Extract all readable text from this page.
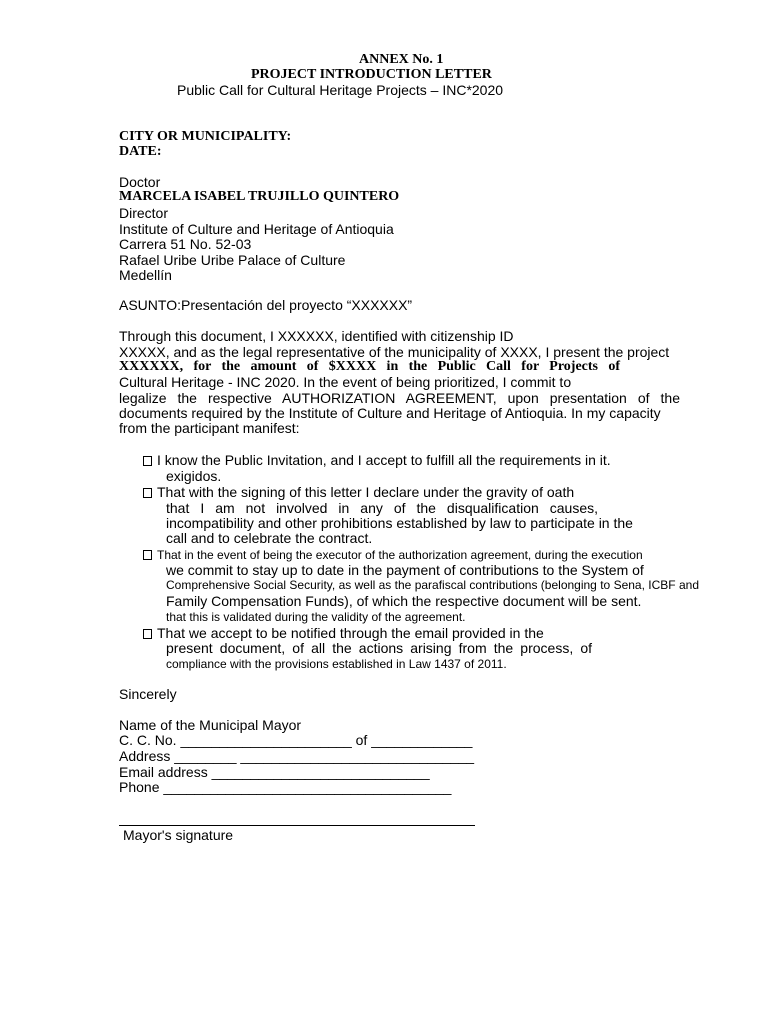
ANNEX No. 1
PROJECT INTRODUCTION LETTER
Public Call for Cultural Heritage Projects – INC*2020
CITY OR MUNICIPALITY:
DATE:
Doctor
MARCELA ISABEL TRUJILLO QUINTERO
Director
Institute of Culture and Heritage of Antioquia
Carrera 51 No. 52-03
Rafael Uribe Uribe Palace of Culture
Medellín
ASUNTO:Presentación del proyecto “XXXXXX”
Through this document, I XXXXXX, identified with citizenship ID
XXXXX, and as the legal representative of the municipality of XXXX, I present the project
XXXXXX, for the amount of $XXXX in the Public Call for Projects of
Cultural Heritage - INC 2020. In the event of being prioritized, I commit to
legalize the respective AUTHORIZATION AGREEMENT, upon presentation of the
documents required by the Institute of Culture and Heritage of Antioquia. In my capacity
from the participant manifest:
I know the Public Invitation, and I accept to fulfill all the requirements in it.
exigidos.
That with the signing of this letter I declare under the gravity of oath
that I am not involved in any of the disqualification causes,
incompatibility and other prohibitions established by law to participate in the
call and to celebrate the contract.
That in the event of being the executor of the authorization agreement, during the execution
we commit to stay up to date in the payment of contributions to the System of
Comprehensive Social Security, as well as the parafiscal contributions (belonging to Sena, ICBF and
Family Compensation Funds), of which the respective document will be sent.
that this is validated during the validity of the agreement.
That we accept to be notified through the email provided in the
present document, of all the actions arising from the process, of
compliance with the provisions established in Law 1437 of 2011.
Sincerely
Name of the Municipal Mayor
C. C. No. ______________________ of _____________
Address ________ ______________________________
Email address ____________________________
Phone _____________________________________
Mayor's signature
